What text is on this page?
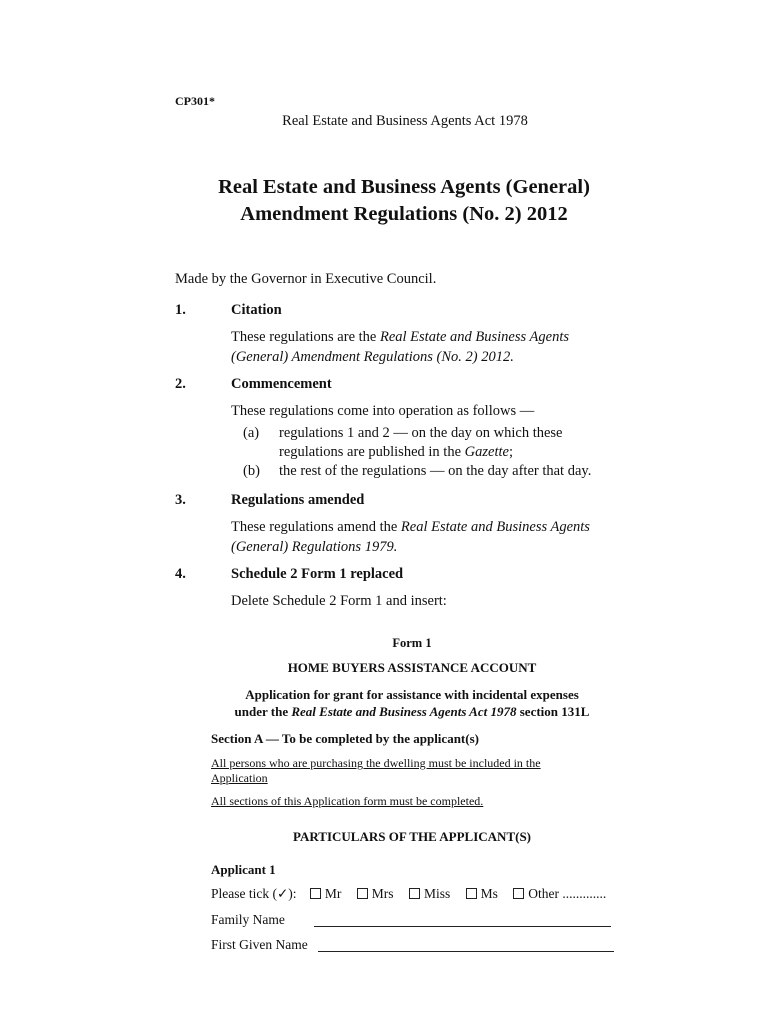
CP301*
Real Estate and Business Agents Act 1978
Real Estate and Business Agents (General)
Amendment Regulations (No. 2) 2012
Made by the Governor in Executive Council.
1.	Citation
These regulations are the Real Estate and Business Agents
(General) Amendment Regulations (No. 2) 2012.
2.	Commencement
These regulations come into operation as follows —
(a) regulations 1 and 2 — on the day on which these
regulations are published in the Gazette;
(b) the rest of the regulations — on the day after that day.
3.	Regulations amended
These regulations amend the Real Estate and Business Agents
(General) Regulations 1979.
4.	Schedule 2 Form 1 replaced
Delete Schedule 2 Form 1 and insert:
Form 1
HOME BUYERS ASSISTANCE ACCOUNT
Application for grant for assistance with incidental expenses
under the Real Estate and Business Agents Act 1978 section 131L
Section A — To be completed by the applicant(s)
All persons who are purchasing the dwelling must be included in the
Application
All sections of this Application form must be completed.
PARTICULARS OF THE APPLICANT(S)
Applicant 1
Please tick (✓): Mr Mrs Miss Ms Other .............
Family Name
First Given Name
